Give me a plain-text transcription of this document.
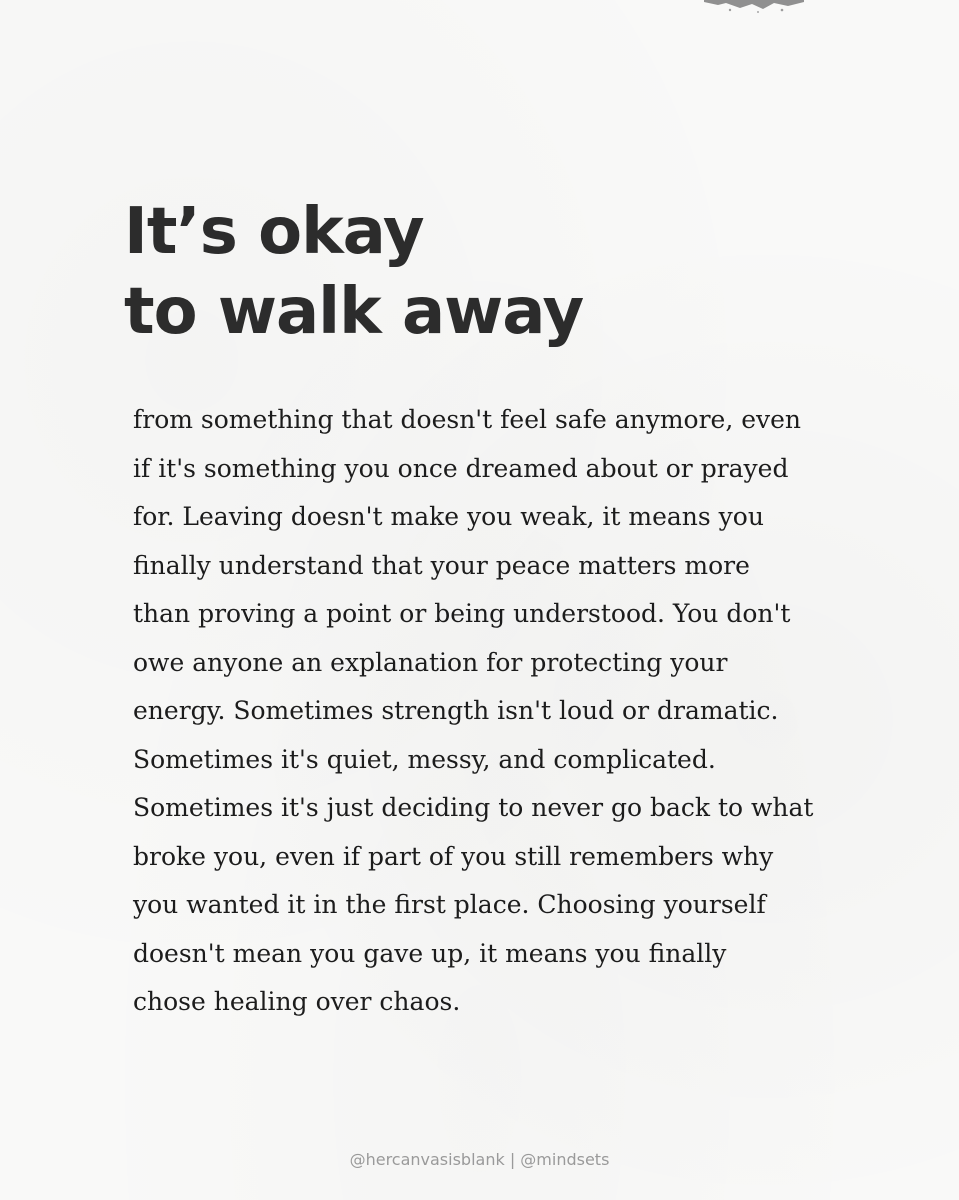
It’s okay
to walk away
from something that doesn't feel safe anymore, even
if it's something you once dreamed about or prayed
for. Leaving doesn't make you weak, it means you
finally understand that your peace matters more
than proving a point or being understood. You don't
owe anyone an explanation for protecting your
energy. Sometimes strength isn't loud or dramatic.
Sometimes it's quiet, messy, and complicated.
Sometimes it's just deciding to never go back to what
broke you, even if part of you still remembers why
you wanted it in the first place. Choosing yourself
doesn't mean you gave up, it means you finally
chose healing over chaos.
@hercanvasisblank | @mindsets
